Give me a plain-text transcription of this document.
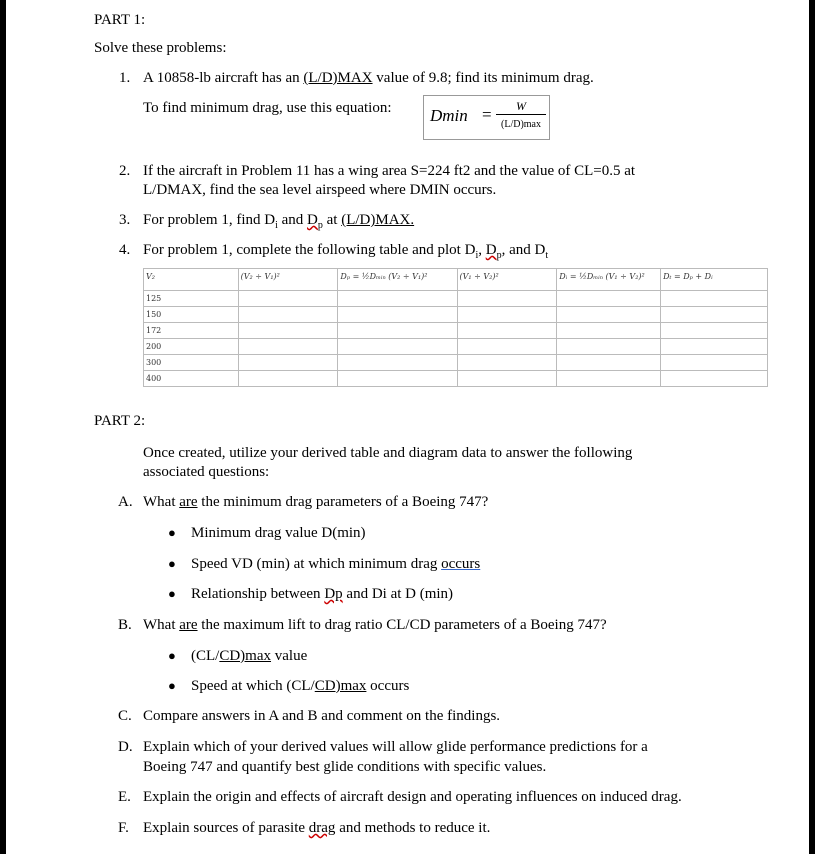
PART 1:
Solve these problems:
1. A 10858-lb aircraft has an (L/D)MAX value of 9.8; find its minimum drag.
To find minimum drag, use this equation: Dmin =	W
(L/D)max
2. If the aircraft in Problem 11 has a wing area S=224 ft2 and the value of CL=0.5 at
L/DMAX, find the sea level airspeed where DMIN occurs.
3. For problem 1, find $D_i$ and $D_p$ at (L/D)MAX.
4. For problem 1, complete the following table and plot $D_i$, $D_p$, and $D_t$
V₂	(V₂ ÷ V₁)²	Dₚ = ½Dₘᵢₙ (V₂ ÷ V₁)²	(V₁ ÷ V₂)²	Dᵢ = ½Dₘᵢₙ (V₁ ÷ V₂)²	Dₜ = Dₚ + Dᵢ
125					
150					
172					
200					
300					
400					
PART 2:
Once created, utilize your derived table and diagram data to answer the following
associated questions:
A. What are the minimum drag parameters of a Boeing 747?
● Minimum drag value D(min)
● Speed VD (min) at which minimum drag occurs
● Relationship between Dp and Di at D (min)
B. What are the maximum lift to drag ratio CL/CD parameters of a Boeing 747?
● (CL/CD)max value
● Speed at which (CL/CD)max occurs
C. Compare answers in A and B and comment on the findings.
D. Explain which of your derived values will allow glide performance predictions for a
Boeing 747 and quantify best glide conditions with specific values.
E. Explain the origin and effects of aircraft design and operating influences on induced drag.
F. Explain sources of parasite drag and methods to reduce it.
